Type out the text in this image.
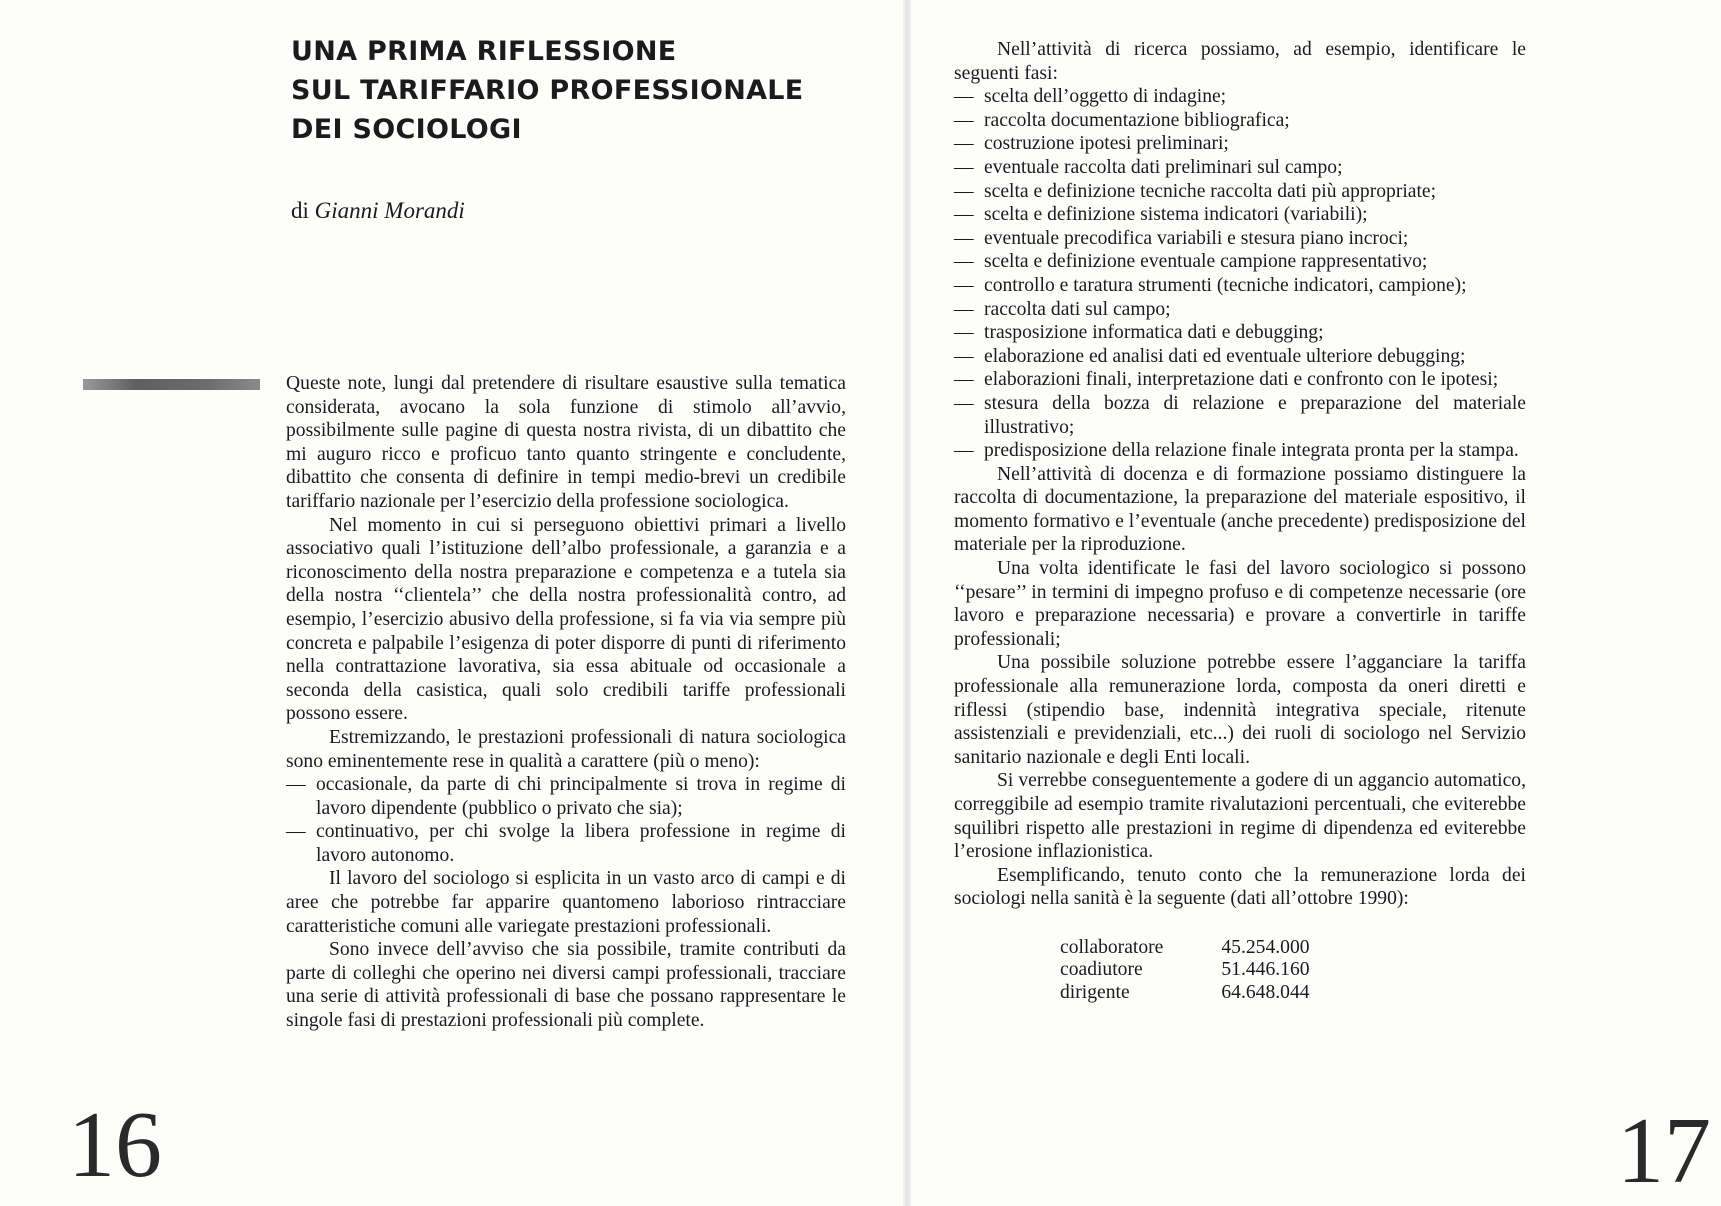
UNA PRIMA RIFLESSIONE
SUL TARIFFARIO PROFESSIONALE
DEI SOCIOLOGI
di Gianni Morandi

Queste note, lungi dal pretendere di risultare esaustive sulla tematica considerata, avocano la sola funzione di stimolo all’avvio, possibilmente sulle pagine di questa nostra rivista, di un dibattito che mi auguro ricco e proficuo tanto quanto stringente e concludente, dibattito che consenta di definire in tempi medio-brevi un credibile tariffario nazionale per l’esercizio della professione sociologica.

Nel momento in cui si perseguono obiettivi primari a livello associativo quali l’istituzione dell’albo professionale, a garanzia e a riconoscimento della nostra preparazione e competenza e a tutela sia della nostra ‘‘clientela’’ che della nostra professionalità contro, ad esempio, l’esercizio abusivo della professione, si fa via via sempre più concreta e palpabile l’esigenza di poter disporre di punti di riferimento nella contrattazione lavorativa, sia essa abituale od occasionale a seconda della casistica, quali solo credibili tariffe professionali possono essere.

Estremizzando, le prestazioni professionali di natura sociologica sono eminentemente rese in qualità a carattere (più o meno):

— occasionale, da parte di chi principalmente si trova in regime di lavoro dipendente (pubblico o privato che sia);
— continuativo, per chi svolge la libera professione in regime di lavoro autonomo.

Il lavoro del sociologo si esplicita in un vasto arco di campi e di aree che potrebbe far apparire quantomeno laborioso rintracciare caratteristiche comuni alle variegate prestazioni professionali.

Sono invece dell’avviso che sia possibile, tramite contributi da parte di colleghi che operino nei diversi campi professionali, tracciare una serie di attività professionali di base che possano rappresentare le singole fasi di prestazioni professionali più complete.

16

Nell’attività di ricerca possiamo, ad esempio, identificare le seguenti fasi:

— scelta dell’oggetto di indagine;
— raccolta documentazione bibliografica;
— costruzione ipotesi preliminari;
— eventuale raccolta dati preliminari sul campo;
— scelta e definizione tecniche raccolta dati più appropriate;
— scelta e definizione sistema indicatori (variabili);
— eventuale precodifica variabili e stesura piano incroci;
— scelta e definizione eventuale campione rappresentativo;
— controllo e taratura strumenti (tecniche indicatori, campione);
— raccolta dati sul campo;
— trasposizione informatica dati e debugging;
— elaborazione ed analisi dati ed eventuale ulteriore debugging;
— elaborazioni finali, interpretazione dati e confronto con le ipotesi;
— stesura della bozza di relazione e preparazione del materiale illustrativo;
— predisposizione della relazione finale integrata pronta per la stampa.

Nell’attività di docenza e di formazione possiamo distinguere la raccolta di documentazione, la preparazione del materiale espositivo, il momento formativo e l’eventuale (anche precedente) predisposizione del materiale per la riproduzione.

Una volta identificate le fasi del lavoro sociologico si possono ‘‘pesare’’ in termini di impegno profuso e di competenze necessarie (ore lavoro e preparazione necessaria) e provare a convertirle in tariffe professionali;

Una possibile soluzione potrebbe essere l’agganciare la tariffa professionale alla remunerazione lorda, composta da oneri diretti e riflessi (stipendio base, indennità integrativa speciale, ritenute assistenziali e previdenziali, etc...) dei ruoli di sociologo nel Servizio sanitario nazionale e degli Enti locali.

Si verrebbe conseguentemente a godere di un aggancio automatico, correggibile ad esempio tramite rivalutazioni percentuali, che eviterebbe squilibri rispetto alle prestazioni in regime di dipendenza ed eviterebbe l’erosione inflazionistica.

Esemplificando, tenuto conto che la remunerazione lorda dei sociologi nella sanità è la seguente (dati all’ottobre 1990):

collaboratore	45.254.000
coadiutore	51.446.160
dirigente	64.648.044
17
